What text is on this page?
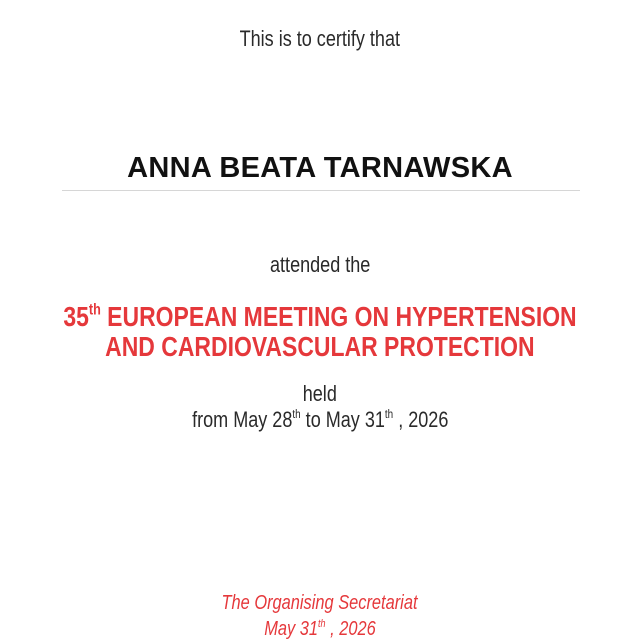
This is to certify that
ANNA BEATA TARNAWSKA
attended the
35th EUROPEAN MEETING ON HYPERTENSION
AND CARDIOVASCULAR PROTECTION
held
from May 28th to May 31th , 2026
The Organising Secretariat
May 31th , 2026
